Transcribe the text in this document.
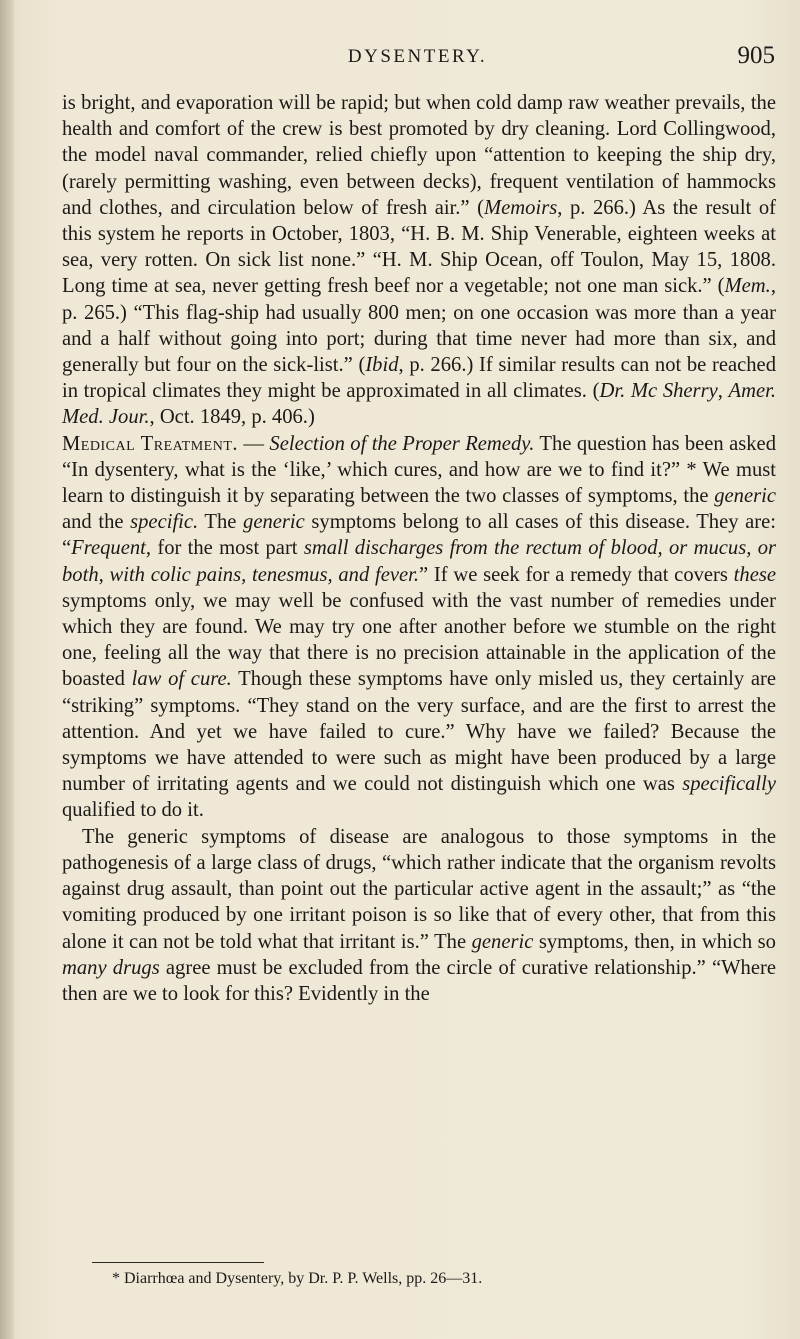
DYSENTERY.	905

is bright, and evaporation will be rapid; but when cold damp raw weather prevails, the health and comfort of the crew is best promoted by dry cleaning. Lord Collingwood, the model naval commander, relied chiefly upon “attention to keeping the ship dry, (rarely permitting washing, even between decks), frequent ventilation of hammocks and clothes, and circulation below of fresh air.” (Memoirs, p. 266.) As the result of this system he reports in October, 1803, “H. B. M. Ship Venerable, eighteen weeks at sea, very rotten. On sick list none.” “H. M. Ship Ocean, off Toulon, May 15, 1808. Long time at sea, never getting fresh beef nor a vegetable; not one man sick.” (Mem., p. 265.) “This flag-ship had usually 800 men; on one occasion was more than a year and a half without going into port; during that time never had more than six, and generally but four on the sick-list.” (Ibid, p. 266.) If similar results can not be reached in tropical climates they might be approximated in all climates. (Dr. Mc Sherry, Amer. Med. Jour., Oct. 1849, p. 406.)

Medical Treatment. — Selection of the Proper Remedy. The question has been asked “In dysentery, what is the ‘like,’ which cures, and how are we to find it?” * We must learn to distinguish it by separating between the two classes of symptoms, the generic and the specific. The generic symptoms belong to all cases of this disease. They are: “Frequent, for the most part small discharges from the rectum of blood, or mucus, or both, with colic pains, tenesmus, and fever.” If we seek for a remedy that covers these symptoms only, we may well be confused with the vast number of remedies under which they are found. We may try one after another before we stumble on the right one, feeling all the way that there is no precision attainable in the application of the boasted law of cure. Though these symptoms have only misled us, they certainly are “striking” symptoms. “They stand on the very surface, and are the first to arrest the attention. And yet we have failed to cure.” Why have we failed? Because the symptoms we have attended to were such as might have been produced by a large number of irritating agents and we could not distinguish which one was specifically qualified to do it.

The generic symptoms of disease are analogous to those symptoms in the pathogenesis of a large class of drugs, “which rather indicate that the organism revolts against drug assault, than point out the particular active agent in the assault;” as “the vomiting produced by one irritant poison is so like that of every other, that from this alone it can not be told what that irritant is.” The generic symptoms, then, in which so many drugs agree must be excluded from the circle of curative relationship.” “Where then are we to look for this? Evidently in the

* Diarrhœa and Dysentery, by Dr. P. P. Wells, pp. 26—31.
